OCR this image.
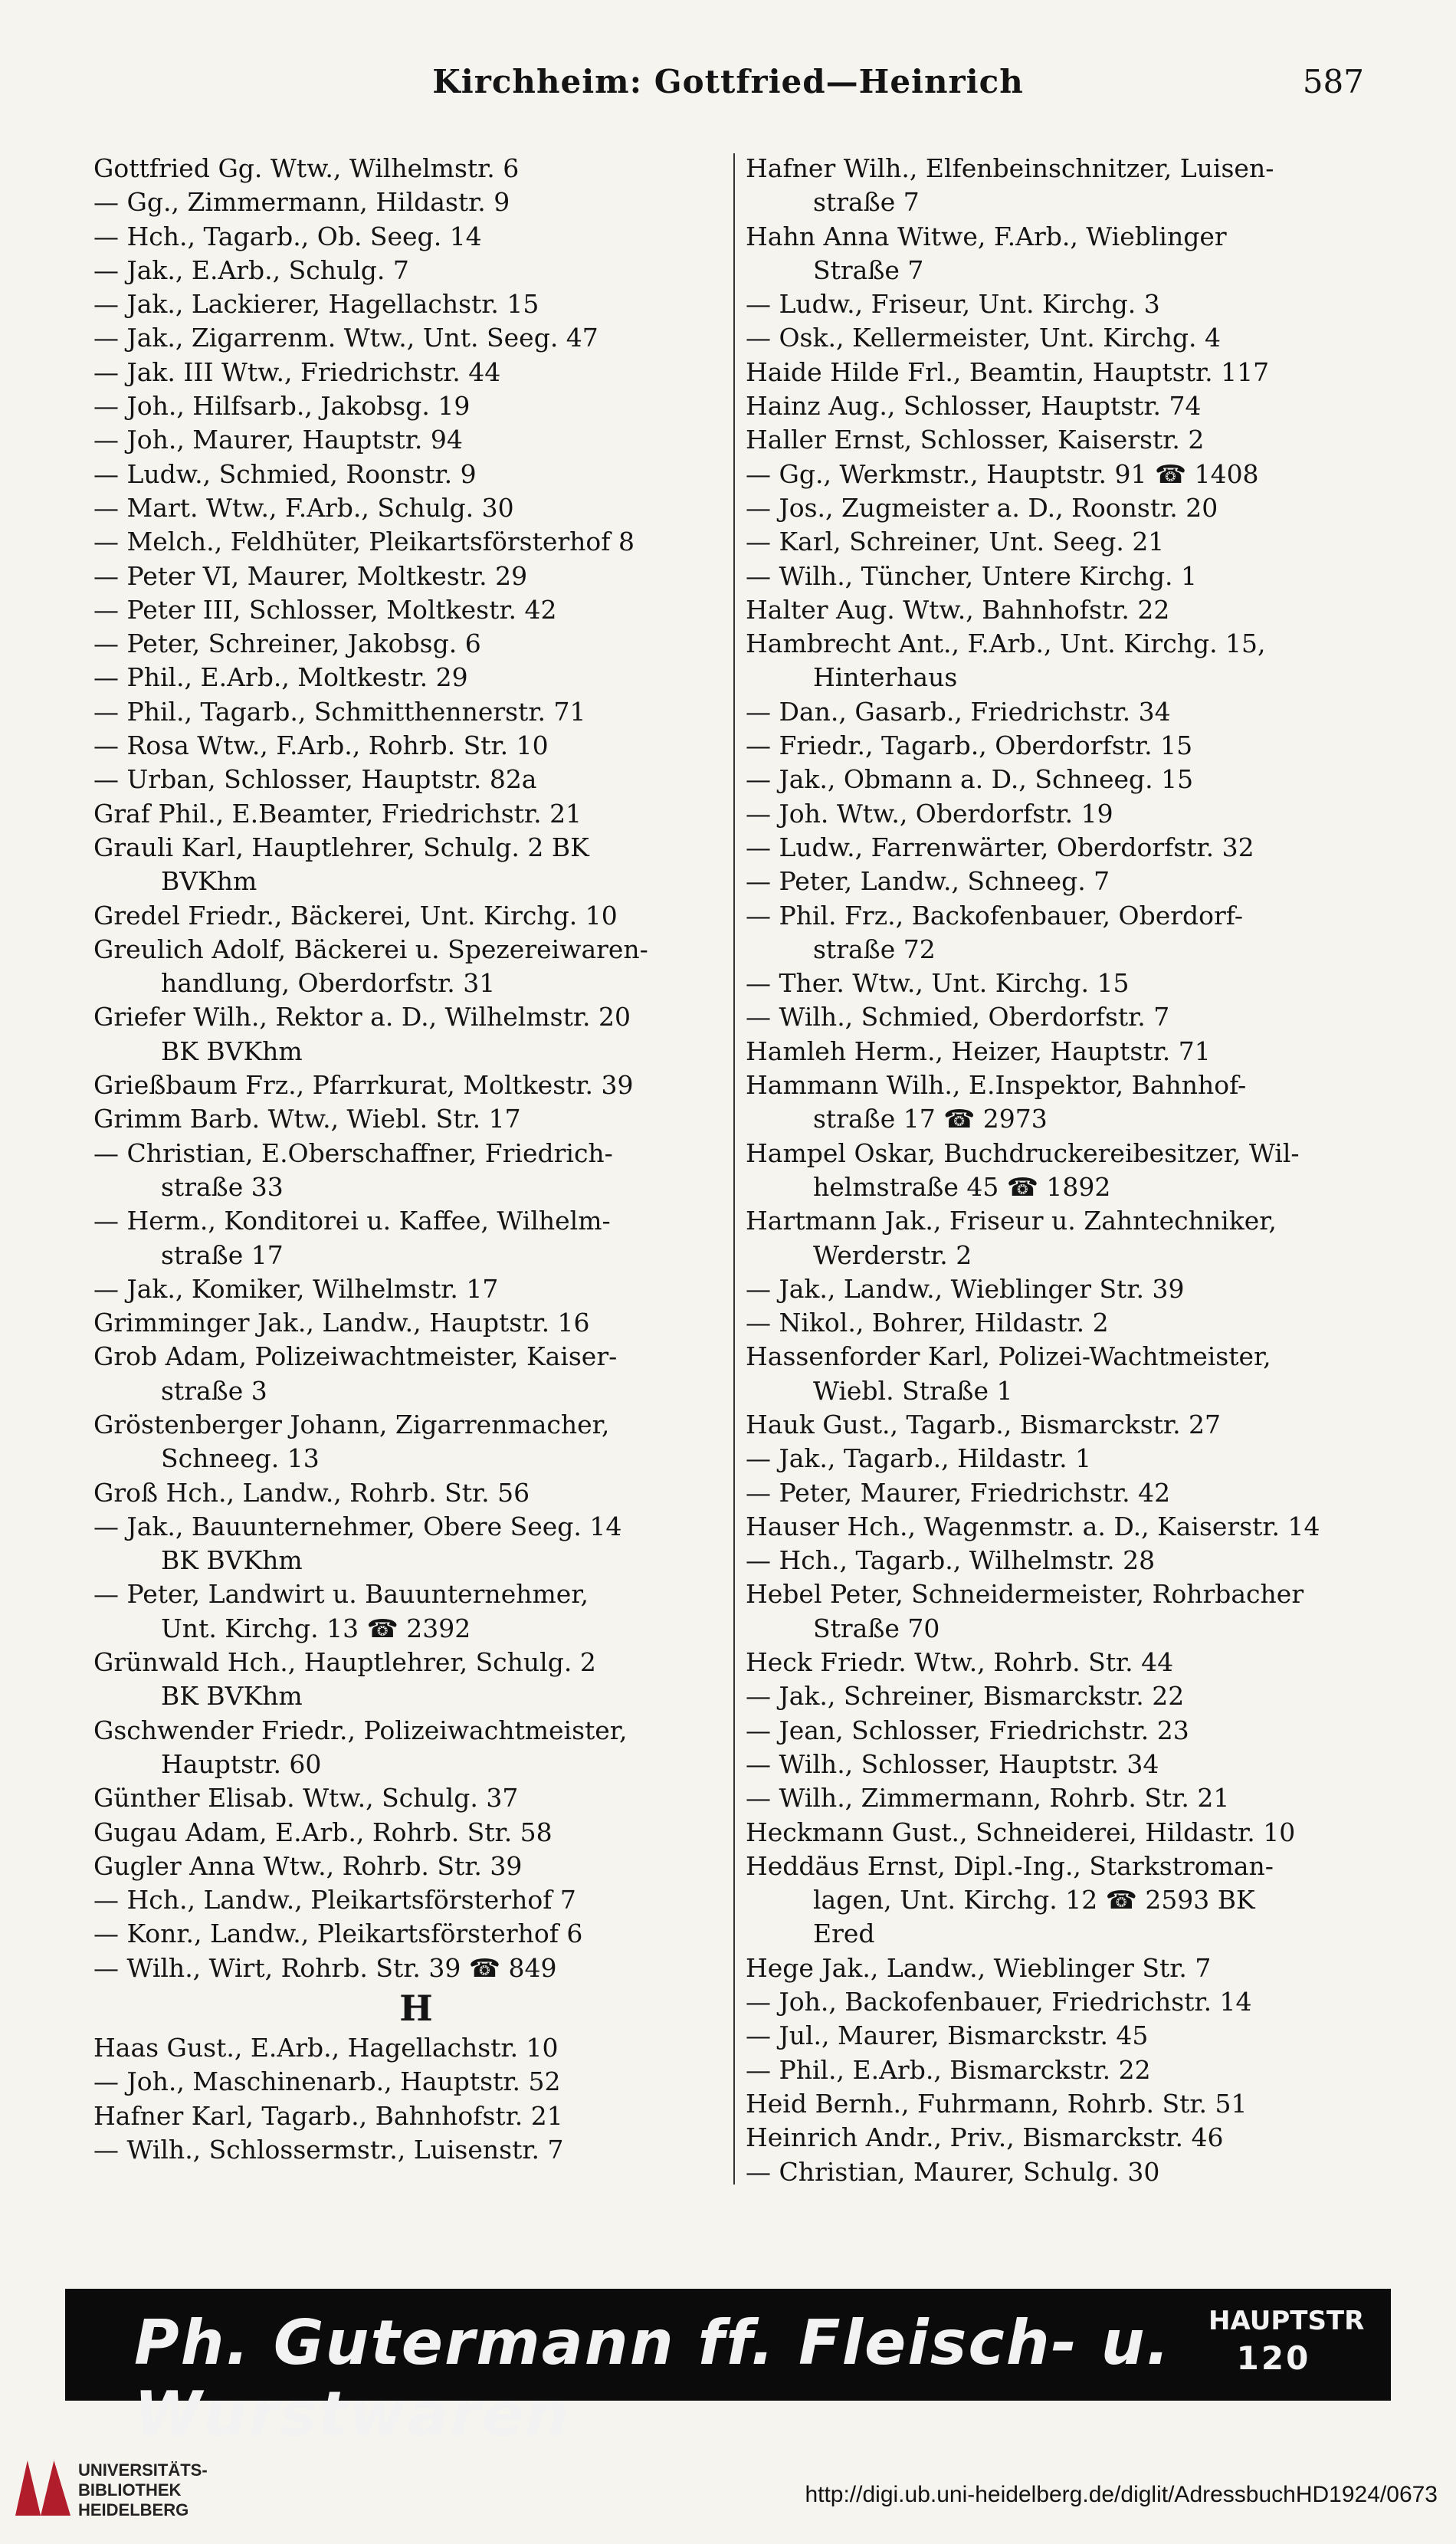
Kirchheim: Gottfried—Heinrich	587
Gottfried Gg. Wtw., Wilhelmstr. 6
— Gg., Zimmermann, Hildastr. 9
— Hch., Tagarb., Ob. Seeg. 14
— Jak., E.Arb., Schulg. 7
— Jak., Lackierer, Hagellachstr. 15
— Jak., Zigarrenm. Wtw., Unt. Seeg. 47
— Jak. III Wtw., Friedrichstr. 44
— Joh., Hilfsarb., Jakobsg. 19
— Joh., Maurer, Hauptstr. 94
— Ludw., Schmied, Roonstr. 9
— Mart. Wtw., F.Arb., Schulg. 30
— Melch., Feldhüter, Pleikartsförsterhof 8
— Peter VI, Maurer, Moltkestr. 29
— Peter III, Schlosser, Moltkestr. 42
— Peter, Schreiner, Jakobsg. 6
— Phil., E.Arb., Moltkestr. 29
— Phil., Tagarb., Schmitthennerstr. 71
— Rosa Wtw., F.Arb., Rohrb. Str. 10
— Urban, Schlosser, Hauptstr. 82a
Graf Phil., E.Beamter, Friedrichstr. 21
Grauli Karl, Hauptlehrer, Schulg. 2 BK
BVKhm
Gredel Friedr., Bäckerei, Unt. Kirchg. 10
Greulich Adolf, Bäckerei u. Spezereiwaren-
handlung, Oberdorfstr. 31
Griefer Wilh., Rektor a. D., Wilhelmstr. 20
BK BVKhm
Grießbaum Frz., Pfarrkurat, Moltkestr. 39
Grimm Barb. Wtw., Wiebl. Str. 17
— Christian, E.Oberschaffner, Friedrich-
straße 33
— Herm., Konditorei u. Kaffee, Wilhelm-
straße 17
— Jak., Komiker, Wilhelmstr. 17
Grimminger Jak., Landw., Hauptstr. 16
Grob Adam, Polizeiwachtmeister, Kaiser-
straße 3
Gröstenberger Johann, Zigarrenmacher,
Schneeg. 13
Groß Hch., Landw., Rohrb. Str. 56
— Jak., Bauunternehmer, Obere Seeg. 14
BK BVKhm
— Peter, Landwirt u. Bauunternehmer,
Unt. Kirchg. 13 ☎ 2392
Grünwald Hch., Hauptlehrer, Schulg. 2
BK BVKhm
Gschwender Friedr., Polizeiwachtmeister,
Hauptstr. 60
Günther Elisab. Wtw., Schulg. 37
Gugau Adam, E.Arb., Rohrb. Str. 58
Gugler Anna Wtw., Rohrb. Str. 39
— Hch., Landw., Pleikartsförsterhof 7
— Konr., Landw., Pleikartsförsterhof 6
— Wilh., Wirt, Rohrb. Str. 39 ☎ 849
H
Haas Gust., E.Arb., Hagellachstr. 10
— Joh., Maschinenarb., Hauptstr. 52
Hafner Karl, Tagarb., Bahnhofstr. 21
— Wilh., Schlossermstr., Luisenstr. 7
Hafner Wilh., Elfenbeinschnitzer, Luisen-
straße 7
Hahn Anna Witwe, F.Arb., Wieblinger
Straße 7
— Ludw., Friseur, Unt. Kirchg. 3
— Osk., Kellermeister, Unt. Kirchg. 4
Haide Hilde Frl., Beamtin, Hauptstr. 117
Hainz Aug., Schlosser, Hauptstr. 74
Haller Ernst, Schlosser, Kaiserstr. 2
— Gg., Werkmstr., Hauptstr. 91 ☎ 1408
— Jos., Zugmeister a. D., Roonstr. 20
— Karl, Schreiner, Unt. Seeg. 21
— Wilh., Tüncher, Untere Kirchg. 1
Halter Aug. Wtw., Bahnhofstr. 22
Hambrecht Ant., F.Arb., Unt. Kirchg. 15,
Hinterhaus
— Dan., Gasarb., Friedrichstr. 34
— Friedr., Tagarb., Oberdorfstr. 15
— Jak., Obmann a. D., Schneeg. 15
— Joh. Wtw., Oberdorfstr. 19
— Ludw., Farrenwärter, Oberdorfstr. 32
— Peter, Landw., Schneeg. 7
— Phil. Frz., Backofenbauer, Oberdorf-
straße 72
— Ther. Wtw., Unt. Kirchg. 15
— Wilh., Schmied, Oberdorfstr. 7
Hamleh Herm., Heizer, Hauptstr. 71
Hammann Wilh., E.Inspektor, Bahnhof-
straße 17 ☎ 2973
Hampel Oskar, Buchdruckereibesitzer, Wil-
helmstraße 45 ☎ 1892
Hartmann Jak., Friseur u. Zahntechniker,
Werderstr. 2
— Jak., Landw., Wieblinger Str. 39
— Nikol., Bohrer, Hildastr. 2
Hassenforder Karl, Polizei-Wachtmeister,
Wiebl. Straße 1
Hauk Gust., Tagarb., Bismarckstr. 27
— Jak., Tagarb., Hildastr. 1
— Peter, Maurer, Friedrichstr. 42
Hauser Hch., Wagenmstr. a. D., Kaiserstr. 14
— Hch., Tagarb., Wilhelmstr. 28
Hebel Peter, Schneidermeister, Rohrbacher
Straße 70
Heck Friedr. Wtw., Rohrb. Str. 44
— Jak., Schreiner, Bismarckstr. 22
— Jean, Schlosser, Friedrichstr. 23
— Wilh., Schlosser, Hauptstr. 34
— Wilh., Zimmermann, Rohrb. Str. 21
Heckmann Gust., Schneiderei, Hildastr. 10
Heddäus Ernst, Dipl.-Ing., Starkstroman-
lagen, Unt. Kirchg. 12 ☎ 2593 BK
Ered
Hege Jak., Landw., Wieblinger Str. 7
— Joh., Backofenbauer, Friedrichstr. 14
— Jul., Maurer, Bismarckstr. 45
— Phil., E.Arb., Bismarckstr. 22
Heid Bernh., Fuhrmann, Rohrb. Str. 51
Heinrich Andr., Priv., Bismarckstr. 46
— Christian, Maurer, Schulg. 30
Ph. Gutermann ff. Fleisch- u. Wurstwaren
HAUPTSTR
120
UNIVERSITÄTS-
BIBLIOTHEK
HEIDELBERG
http://digi.ub.uni-heidelberg.de/diglit/AdressbuchHD1924/0673
